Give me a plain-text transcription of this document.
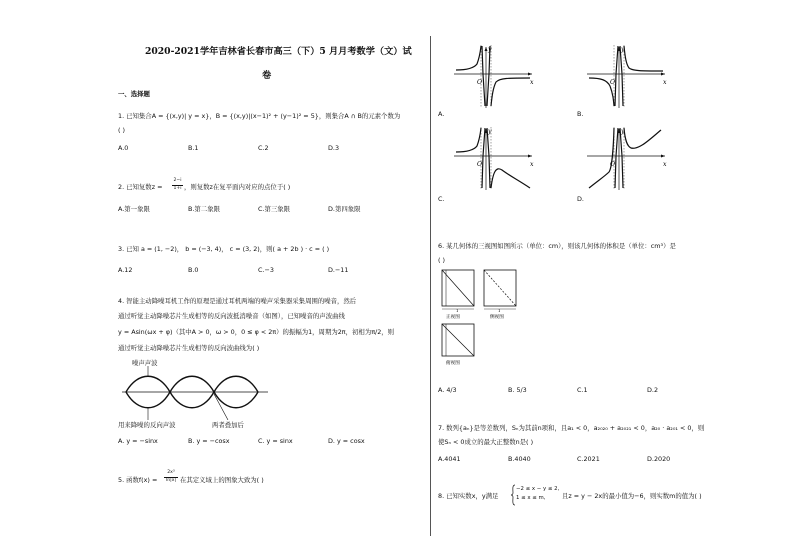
2020-2021学年吉林省长春市高三（下）5 月月考数学（文）试
卷
一、选择题
1. 已知集合A = {(x,y)| y = x}，B = {(x,y)|(x−1)² + (y−1)² = 5}，则集合A ∩ B的元素个数为
( )
A.0	B.1	C.2	D.3
2. 已知复数z =
2−i
1+i ，则复数z在复平面内对应的点位于( )
A.第一象限	B.第二象限	C.第三象限	D.第四象限
3. 已知 a = (1, −2)， b = (−3, 4)， c = (3, 2)，则( a + 2b ) · c = ( )
A.12	B.0	C.−3	D.−11
4. 智能主动降噪耳机工作的原理是通过耳机两端的噪声采集器采集周围的噪音，然后
通过听觉主动降噪芯片生成相等的反向波抵消噪音（如图），已知噪音的声波曲线
y = Asin(ωx + φ)（其中A > 0，ω > 0，0 ≤ φ < 2π）的振幅为1，周期为2π，初相为π/2，则
通过听觉主动降噪芯片生成相等的反向波曲线为( )
噪声声波
用来降噪的反向声波	两者叠加后
A. y = −sinx	B. y = −cosx	C. y = sinx	D. y = cosx
5. 函数f(x) =
2x³
ln|x| 在其定义域上的图象大致为( )
y
x
O
A.
y
x
O
B.
y
x
O
C.
y
x
O
D.
6. 某几何体的三视图如图所示（单位：cm），则该几何体的体积是（单位：cm³）是
( )
1
正视图
1
侧视图
俯视图
A. 4/3	B. 5/3	C.1	D.2
7. 数列{aₙ}是等差数列，Sₙ为其前n项和，且a₁ < 0，a₂₀₂₀ + a₂₀₂₁ < 0，a₂₀ · a₂₀₁ < 0，则
使Sₙ < 0成立的最大正整数n是( )
A.4041	B.4040	C.2021	D.2020
8. 已知实数x，y满足
−2 ≤ x − y ≤ 2,
1 ≤ x ≤ m,	且z = y − 2x的最小值为−6，则实数m的值为( )
